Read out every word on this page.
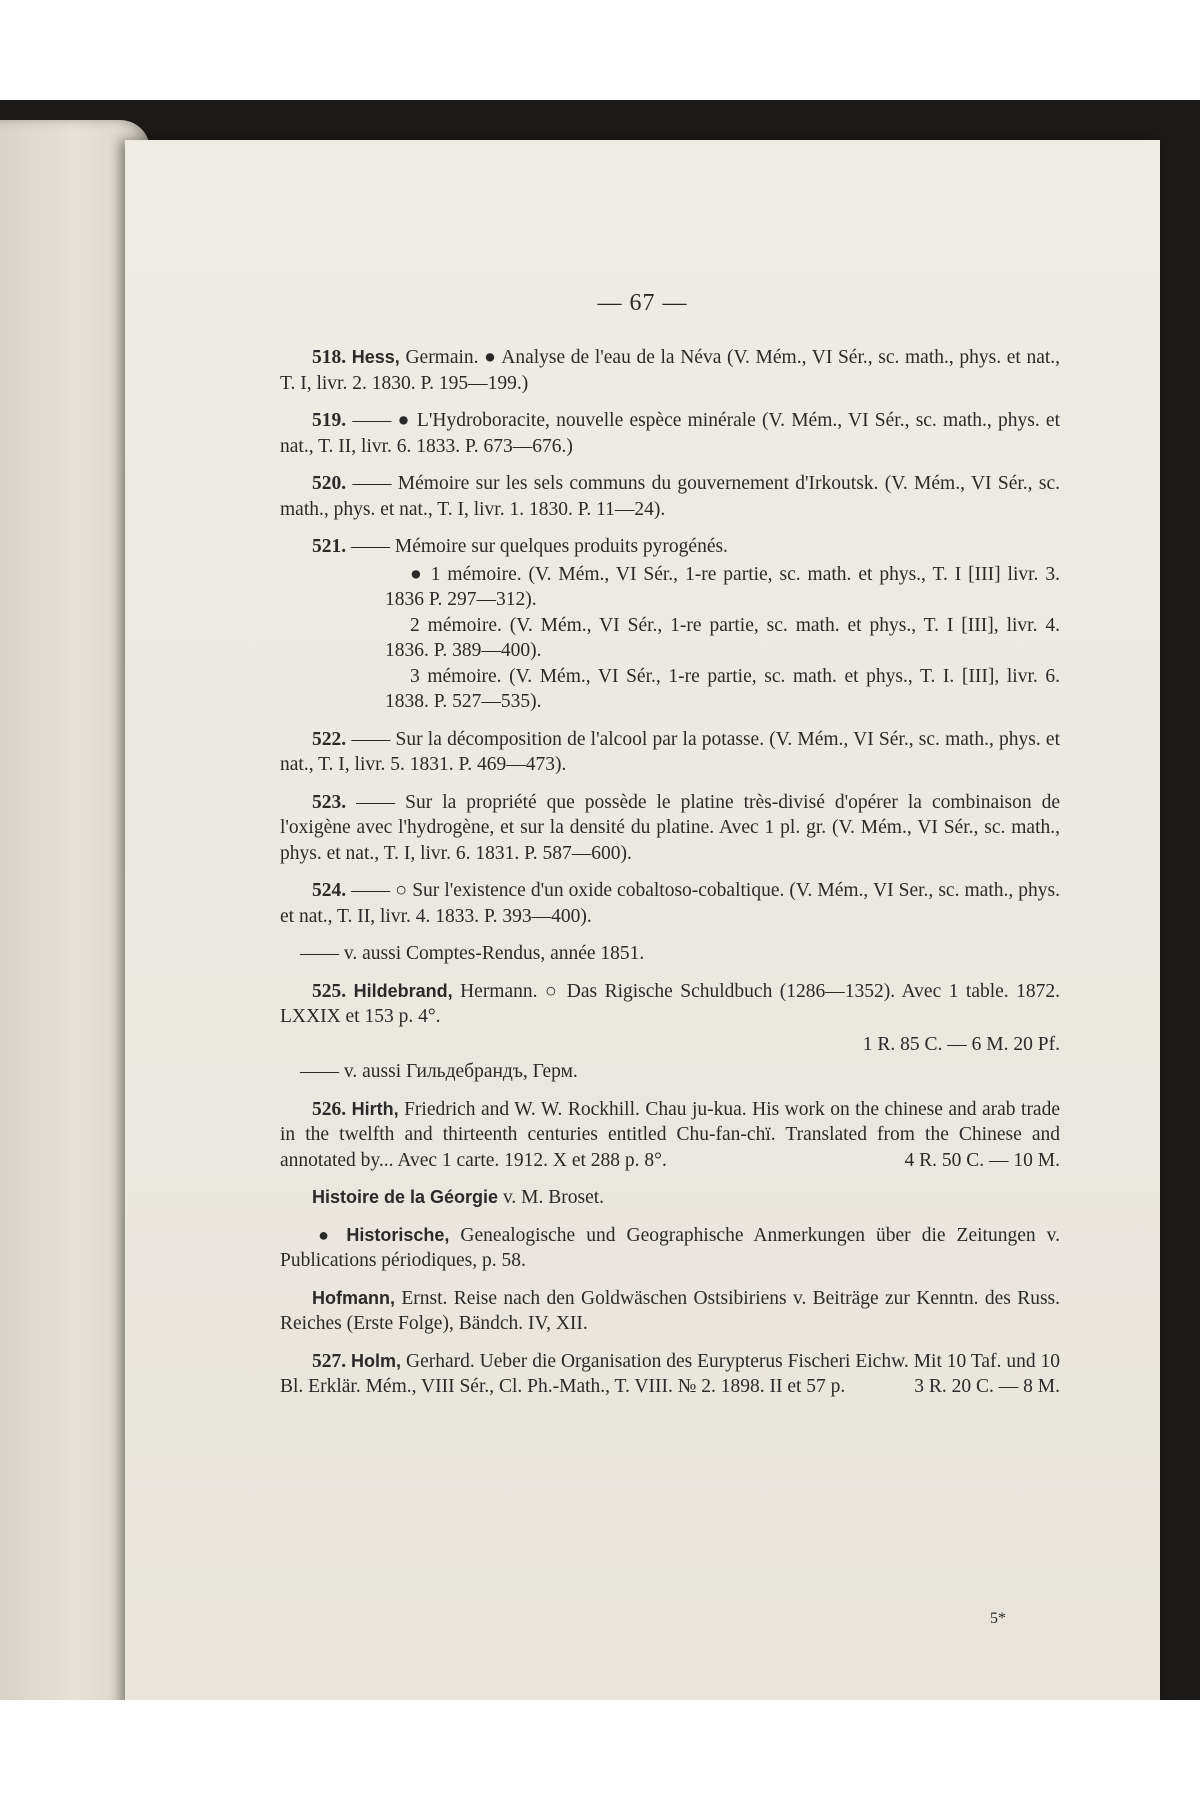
— 67 —

518. Hess, Germain. ● Analyse de l'eau de la Néva (V. Mém., VI Sér., sc. math., phys. et nat., T. I, livr. 2. 1830. P. 195—199.)

519. —— ● L'Hydroboracite, nouvelle espèce minérale (V. Mém., VI Sér., sc. math., phys. et nat., T. II, livr. 6. 1833. P. 673—676.)

520. —— Mémoire sur les sels communs du gouvernement d'Irkoutsk. (V. Mém., VI Sér., sc. math., phys. et nat., T. I, livr. 1. 1830. P. 11—24).

521. —— Mémoire sur quelques produits pyrogénés.

● 1 mémoire. (V. Mém., VI Sér., 1-re partie, sc. math. et phys., T. I [III] livr. 3. 1836 P. 297—312).

2 mémoire. (V. Mém., VI Sér., 1-re partie, sc. math. et phys., T. I [III], livr. 4. 1836. P. 389—400).

3 mémoire. (V. Mém., VI Sér., 1-re partie, sc. math. et phys., T. I. [III], livr. 6. 1838. P. 527—535).

522. —— Sur la décomposition de l'alcool par la potasse. (V. Mém., VI Sér., sc. math., phys. et nat., T. I, livr. 5. 1831. P. 469—473).

523. —— Sur la propriété que possède le platine très-divisé d'opérer la combinaison de l'oxigène avec l'hydrogène, et sur la densité du platine. Avec 1 pl. gr. (V. Mém., VI Sér., sc. math., phys. et nat., T. I, livr. 6. 1831. P. 587—600).

524. —— ○ Sur l'existence d'un oxide cobaltoso-cobaltique. (V. Mém., VI Ser., sc. math., phys. et nat., T. II, livr. 4. 1833. P. 393—400).

—— v. aussi Comptes-Rendus, année 1851.

525. Hildebrand, Hermann. ○ Das Rigische Schuldbuch (1286—1352). Avec 1 table. 1872. LXXIX et 153 p. 4°.

1 R. 85 C. — 6 M. 20 Pf.

—— v. aussi Гильдебрандъ, Герм.

526. Hirth, Friedrich and W. W. Rockhill. Chau ju-kua. His work on the chinese and arab trade in the twelfth and thirteenth centuries entitled Chu-fan-chï. Translated from the Chinese and annotated by... Avec 1 carte. 1912. X et 288 p. 8°.	4 R. 50 C. — 10 M.

Histoire de la Géorgie v. M. Broset.

● Historische, Genealogische und Geographische Anmerkungen über die Zeitungen v. Publications périodiques, p. 58.

Hofmann, Ernst. Reise nach den Goldwäschen Ostsibiriens v. Beiträge zur Kenntn. des Russ. Reiches (Erste Folge), Bändch. IV, XII.

527. Holm, Gerhard. Ueber die Organisation des Eurypterus Fischeri Eichw. Mit 10 Taf. und 10 Bl. Erklär. Mém., VIII Sér., Cl. Ph.-Math., T. VIII. № 2. 1898. II et 57 p.	3 R. 20 C. — 8 M.

5*
